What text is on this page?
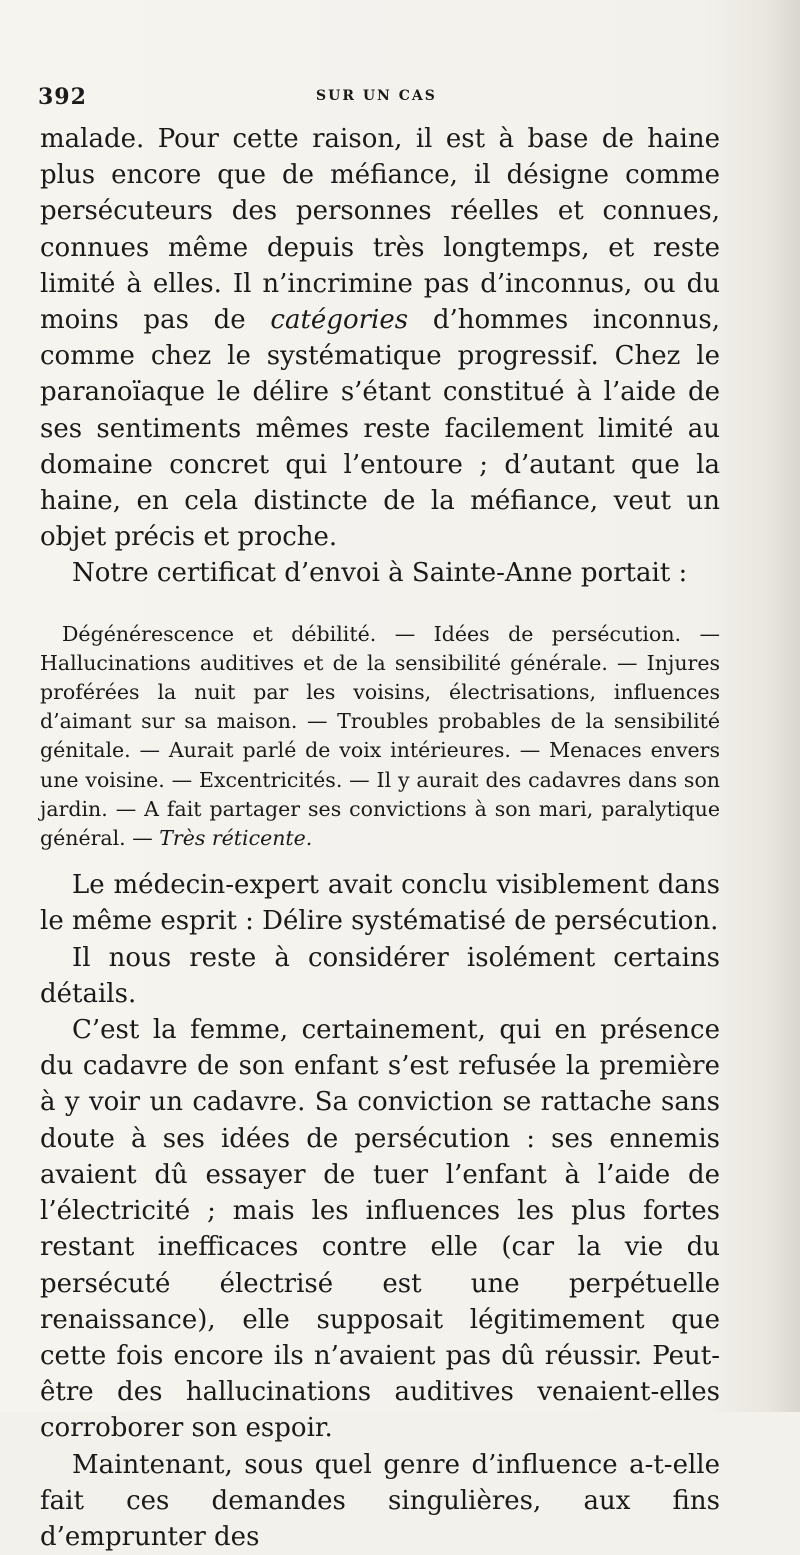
392	SUR UN CAS

malade. Pour cette raison, il est à base de haine plus encore que de méfiance, il désigne comme persécuteurs des personnes réelles et connues, connues même depuis très longtemps, et reste limité à elles. Il n’incrimine pas d’inconnus, ou du moins pas de catégories d’hommes inconnus, comme chez le systématique progressif. Chez le paranoïaque le délire s’étant constitué à l’aide de ses sentiments mêmes reste facilement limité au domaine concret qui l’entoure ; d’autant que la haine, en cela distincte de la méfiance, veut un objet précis et proche.

Notre certificat d’envoi à Sainte-Anne portait :

Dégénérescence et débilité. — Idées de persécution. — Hallucinations auditives et de la sensibilité générale. — Injures proférées la nuit par les voisins, électrisations, influences d’aimant sur sa maison. — Troubles probables de la sensibilité génitale. — Aurait parlé de voix intérieures. — Menaces envers une voisine. — Excentricités. — Il y aurait des cadavres dans son jardin. — A fait partager ses convictions à son mari, paralytique général. — Très réticente.

Le médecin-expert avait conclu visiblement dans le même esprit : Délire systématisé de persécution.

Il nous reste à considérer isolément certains détails.

C’est la femme, certainement, qui en présence du cadavre de son enfant s’est refusée la première à y voir un cadavre. Sa conviction se rattache sans doute à ses idées de persécution : ses ennemis avaient dû essayer de tuer l’enfant à l’aide de l’électricité ; mais les influences les plus fortes restant inefficaces contre elle (car la vie du persécuté électrisé est une perpétuelle renaissance), elle supposait légitimement que cette fois encore ils n’avaient pas dû réussir. Peut-être des hallucinations auditives venaient-elles corroborer son espoir.

Maintenant, sous quel genre d’influence a-t-elle fait ces demandes singulières, aux fins d’emprunter des
